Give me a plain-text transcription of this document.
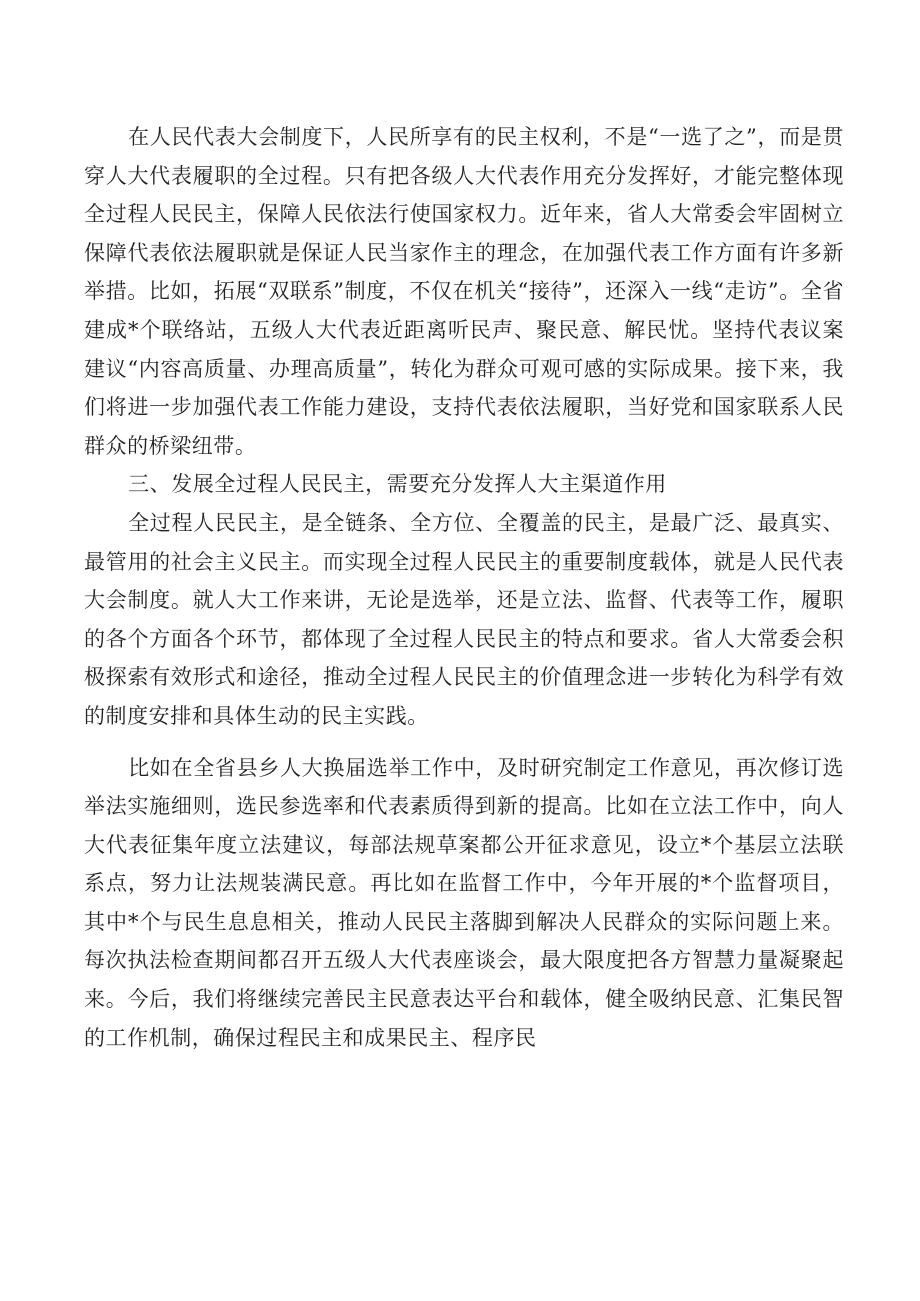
在人民代表大会制度下，人民所享有的民主权利，不是“一选了之”，而是贯穿人大代表履职的全过程。只有把各级人大代表作用充分发挥好，才能完整体现全过程人民民主，保障人民依法行使国家权力。近年来，省人大常委会牢固树立保障代表依法履职就是保证人民当家作主的理念，在加强代表工作方面有许多新举措。比如，拓展“双联系”制度，不仅在机关“接待”，还深入一线“走访”。全省建成*个联络站，五级人大代表近距离听民声、聚民意、解民忧。坚持代表议案建议“内容高质量、办理高质量”，转化为群众可观可感的实际成果。接下来，我们将进一步加强代表工作能力建设，支持代表依法履职，当好党和国家联系人民群众的桥梁纽带。

三、发展全过程人民民主，需要充分发挥人大主渠道作用

全过程人民民主，是全链条、全方位、全覆盖的民主，是最广泛、最真实、最管用的社会主义民主。而实现全过程人民民主的重要制度载体，就是人民代表大会制度。就人大工作来讲，无论是选举，还是立法、监督、代表等工作，履职的各个方面各个环节，都体现了全过程人民民主的特点和要求。省人大常委会积极探索有效形式和途径，推动全过程人民民主的价值理念进一步转化为科学有效的制度安排和具体生动的民主实践。

比如在全省县乡人大换届选举工作中，及时研究制定工作意见，再次修订选举法实施细则，选民参选率和代表素质得到新的提高。比如在立法工作中，向人大代表征集年度立法建议，每部法规草案都公开征求意见，设立*个基层立法联系点，努力让法规装满民意。再比如在监督工作中，今年开展的*个监督项目，其中*个与民生息息相关，推动人民民主落脚到解决人民群众的实际问题上来。每次执法检查期间都召开五级人大代表座谈会，最大限度把各方智慧力量凝聚起来。今后，我们将继续完善民主民意表达平台和载体，健全吸纳民意、汇集民智的工作机制，确保过程民主和成果民主、程序民
